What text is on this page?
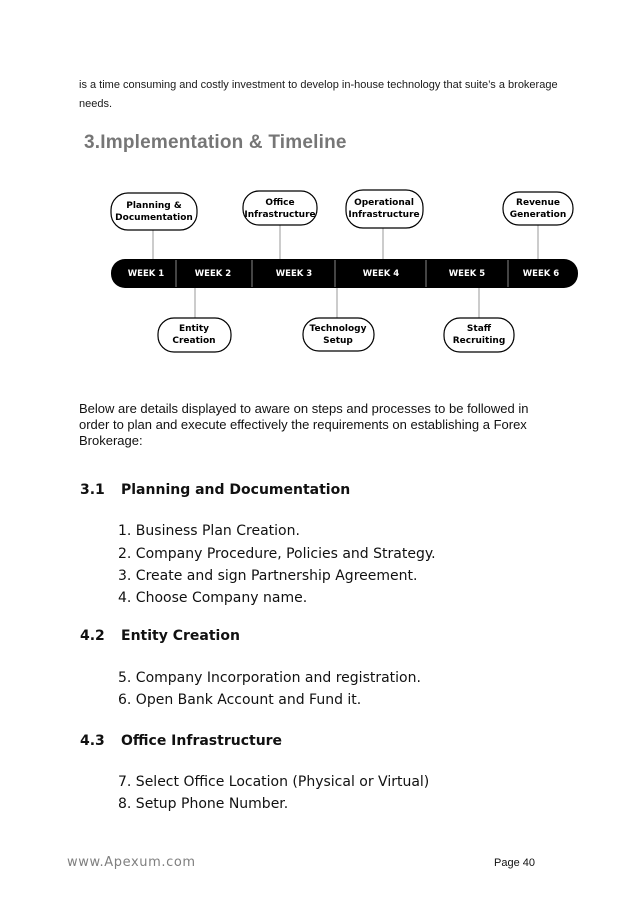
is a time consuming and costly investment to develop in-house technology that suite’s a brokerage needs.
3.Implementation & Timeline
WEEK 1	WEEK 2	WEEK 3	WEEK 4	WEEK 5	WEEK 6
Planning &
Documentation
Office
Infrastructure
Operational
Infrastructure
Revenue
Generation
Entity
Creation
Technology
Setup
Staff
Recruiting
Below are details displayed to aware on steps and processes to be followed in order to plan and execute effectively the requirements on establishing a Forex Brokerage:
3.1 Planning and Documentation
1. Business Plan Creation.
2. Company Procedure, Policies and Strategy.
3. Create and sign Partnership Agreement.
4. Choose Company name.
4.2 Entity Creation
5. Company Incorporation and registration.
6. Open Bank Account and Fund it.
4.3 Office Infrastructure
7. Select Office Location (Physical or Virtual)
8. Setup Phone Number.
www.Apexum.com	Page 40
